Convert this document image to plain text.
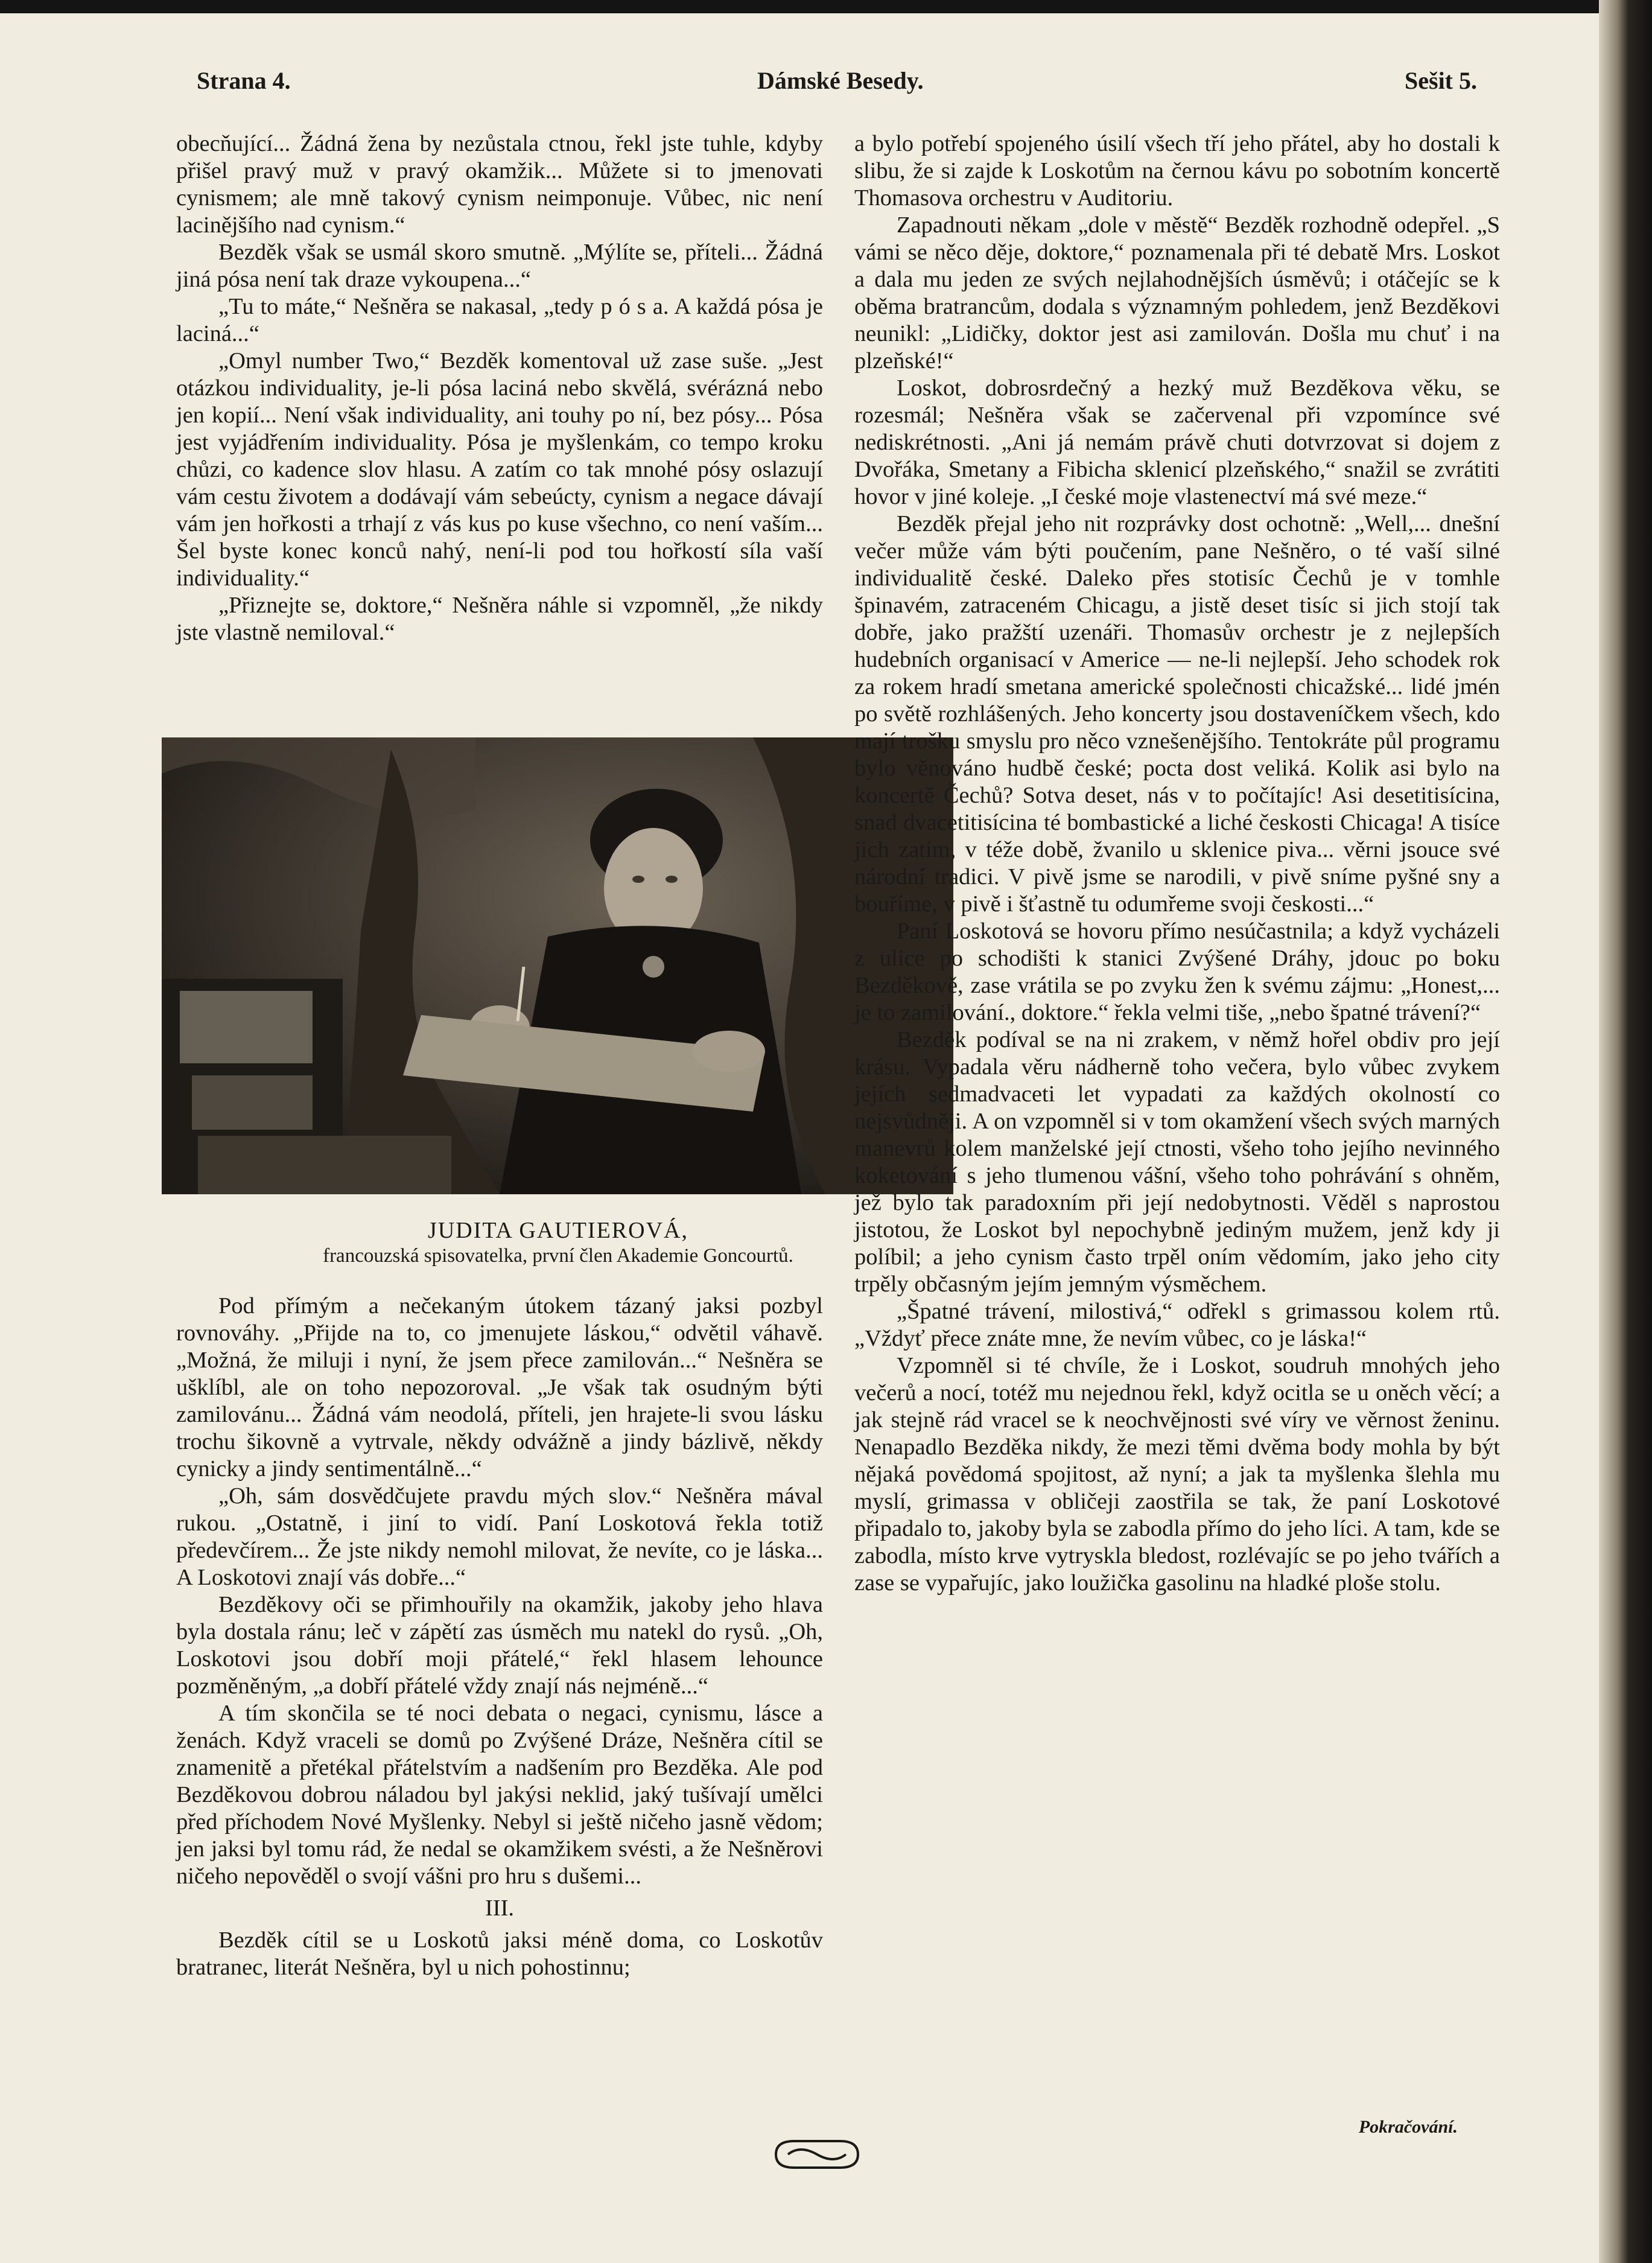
Strana 4.	Dámské Besedy.	Sešit 5.

obecňující... Žádná žena by nezůstala ctnou, řekl jste tuhle, kdyby přišel pravý muž v pravý okamžik... Můžete si to jmenovati cynismem; ale mně takový cynism neimponuje. Vůbec, nic není lacinějšího nad cynism.“

Bezděk však se usmál skoro smutně. „Mýlíte se, příteli... Žádná jiná pósa není tak draze vykoupena...“

„Tu to máte,“ Nešněra se nakasal, „tedy p ó s a. A každá pósa je laciná...“

„Omyl number Two,“ Bezděk komentoval už zase suše. „Jest otázkou individuality, je-li pósa laciná nebo skvělá, svérázná nebo jen kopií... Není však individuality, ani touhy po ní, bez pósy... Pósa jest vyjádřením individuality. Pósa je myšlenkám, co tempo kroku chůzi, co kadence slov hlasu. A zatím co tak mnohé pósy oslazují vám cestu životem a dodávají vám sebeúcty, cynism a negace dávají vám jen hořkosti a trhají z vás kus po kuse všechno, co není vaším... Šel byste konec konců nahý, není-li pod tou hořkostí síla vaší individuality.“

„Přiznejte se, doktore,“ Nešněra náhle si vzpomněl, „že nikdy jste vlastně nemiloval.“

JUDITA GAUTIEROVÁ,
francouzská spisovatelka, první člen Akademie Goncourtů.

Pod přímým a nečekaným útokem tázaný jaksi pozbyl rovnováhy. „Přijde na to, co jmenujete láskou,“ odvětil váhavě. „Možná, že miluji i nyní, že jsem přece zamilován...“ Nešněra se ušklíbl, ale on toho nepozoroval. „Je však tak osudným býti zamilovánu... Žádná vám neodolá, příteli, jen hrajete-li svou lásku trochu šikovně a vytrvale, někdy odvážně a jindy bázlivě, někdy cynicky a jindy sentimentálně...“

„Oh, sám dosvědčujete pravdu mých slov.“ Nešněra mával rukou. „Ostatně, i jiní to vidí. Paní Loskotová řekla totiž předevčírem... Že jste nikdy nemohl milovat, že nevíte, co je láska... A Loskotovi znají vás dobře...“

Bezděkovy oči se přimhouřily na okamžik, jakoby jeho hlava byla dostala ránu; leč v zápětí zas úsměch mu natekl do rysů. „Oh, Loskotovi jsou dobří moji přátelé,“ řekl hlasem lehounce pozměněným, „a dobří přátelé vždy znají nás nejméně...“

A tím skončila se té noci debata o negaci, cynismu, lásce a ženách. Když vraceli se domů po Zvýšené Dráze, Nešněra cítil se znamenitě a přetékal přátelstvím a nadšením pro Bezděka. Ale pod Bezděkovou dobrou náladou byl jakýsi neklid, jaký tušívají umělci před příchodem Nové Myšlenky. Nebyl si ještě ničeho jasně vědom; jen jaksi byl tomu rád, že nedal se okamžikem svésti, a že Nešněrovi ničeho nepověděl o svojí vášni pro hru s dušemi...

III.

Bezděk cítil se u Loskotů jaksi méně doma, co Loskotův bratranec, literát Nešněra, byl u nich pohostinnu;

a bylo potřebí spojeného úsilí všech tří jeho přátel, aby ho dostali k slibu, že si zajde k Loskotům na černou kávu po sobotním koncertě Thomasova orchestru v Auditoriu.

Zapadnouti někam „dole v městě“ Bezděk rozhodně odepřel. „S vámi se něco děje, doktore,“ poznamenala při té debatě Mrs. Loskot a dala mu jeden ze svých nejlahodnějších úsměvů; i otáčejíc se k oběma bratrancům, dodala s významným pohledem, jenž Bezděkovi neunikl: „Lidičky, doktor jest asi zamilován. Došla mu chuť i na plzeňské!“

Loskot, dobrosrdečný a hezký muž Bezděkova věku, se rozesmál; Nešněra však se začervenal při vzpomínce své nediskrétnosti. „Ani já nemám právě chuti dotvrzovat si dojem z Dvořáka, Smetany a Fibicha sklenicí plzeňského,“ snažil se zvrátiti hovor v jiné koleje. „I české moje vlastenectví má své meze.“

Bezděk přejal jeho nit rozprávky dost ochotně: „Well,... dnešní večer může vám býti poučením, pane Nešněro, o té vaší silné individualitě české. Daleko přes stotisíc Čechů je v tomhle špinavém, zatraceném Chicagu, a jistě deset tisíc si jich stojí tak dobře, jako pražští uzenáři. Thomasův orchestr je z nejlepších hudebních organisací v Americe — ne-li nejlepší. Jeho schodek rok za rokem hradí smetana americké společnosti chicažské... lidé jmén po světě rozhlášených. Jeho koncerty jsou dostaveníčkem všech, kdo mají trošku smyslu pro něco vznešenějšího. Tentokráte půl programu bylo věnováno hudbě české; pocta dost veliká. Kolik asi bylo na koncertě Čechů? Sotva deset, nás v to počítajíc! Asi desetitisícina, snad dvacetitisícina té bombastické a liché českosti Chicaga! A tisíce jich zatím, v téže době, žvanilo u sklenice piva... věrni jsouce své národní tradici. V pivě jsme se narodili, v pivě sníme pyšné sny a bouříme, v pivě i šťastně tu odumřeme svoji českosti...“

Paní Loskotová se hovoru přímo nesúčastnila; a když vycházeli z ulice po schodišti k stanici Zvýšené Dráhy, jdouc po boku Bezděkově, zase vrátila se po zvyku žen k svému zájmu: „Honest,... je to zamilování., doktore.“ řekla velmi tiše, „nebo špatné trávení?“

Bezděk podíval se na ni zrakem, v němž hořel obdiv pro její krásu. Vypadala věru nádherně toho večera, bylo vůbec zvykem jejích sedmadvaceti let vypadati za každých okolností co nejsvůdněji. A on vzpomněl si v tom okamžení všech svých marných manevrů kolem manželské její ctnosti, všeho toho jejího nevinného koketování s jeho tlumenou vášní, všeho toho pohrávání s ohněm, jež bylo tak paradoxním při její nedobytnosti. Věděl s naprostou jistotou, že Loskot byl nepochybně jediným mužem, jenž kdy ji políbil; a jeho cynism často trpěl oním vědomím, jako jeho city trpěly občasným jejím jemným výsměchem.

„Špatné trávení, milostivá,“ odřekl s grimassou kolem rtů. „Vždyť přece znáte mne, že nevím vůbec, co je láska!“

Vzpomněl si té chvíle, že i Loskot, soudruh mnohých jeho večerů a nocí, totéž mu nejednou řekl, když ocitla se u oněch věcí; a jak stejně rád vracel se k neochvějnosti své víry ve věrnost ženinu. Nenapadlo Bezděka nikdy, že mezi těmi dvěma body mohla by být nějaká povědomá spojitost, až nyní; a jak ta myšlenka šlehla mu myslí, grimassa v obličeji zaostřila se tak, že paní Loskotové připadalo to, jakoby byla se zabodla přímo do jeho líci. A tam, kde se zabodla, místo krve vytryskla bledost, rozlévajíc se po jeho tvářích a zase se vypařujíc, jako loužička gasolinu na hladké ploše stolu.

Pokračování.
